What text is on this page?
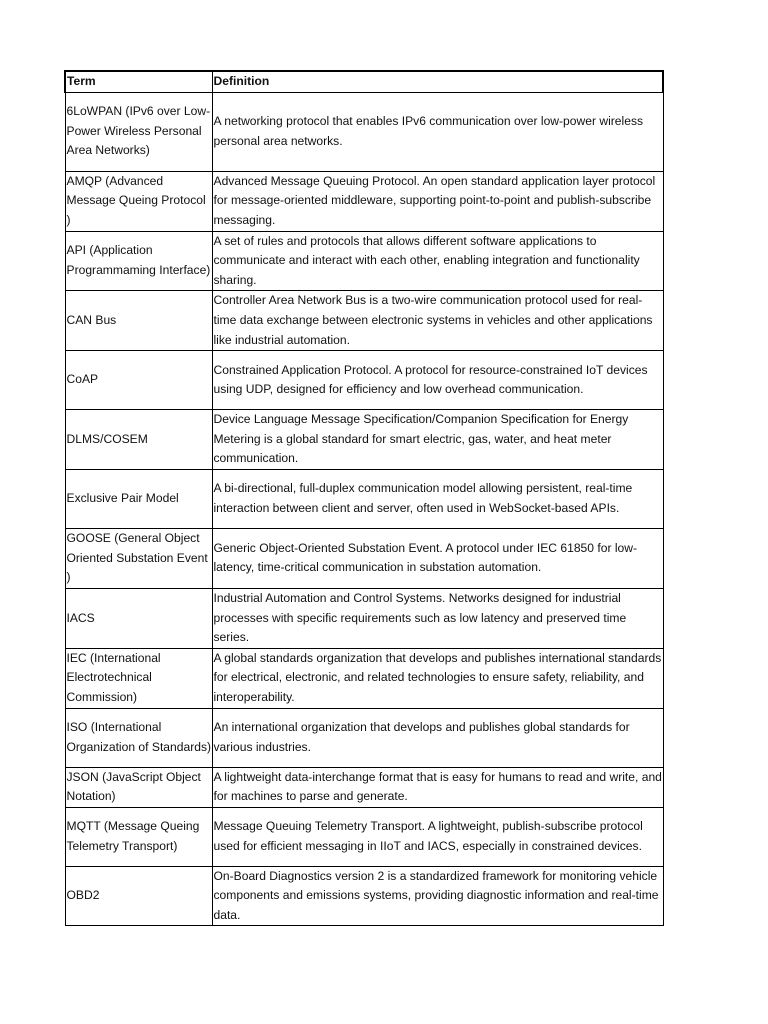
Term	Definition
6LoWPAN (IPv6 over Low-Power Wireless Personal Area Networks)	A networking protocol that enables IPv6 communication over low-power wireless personal area networks.
AMQP (Advanced Message Queing Protocol )	Advanced Message Queuing Protocol. An open standard application layer protocol for message-oriented middleware, supporting point-to-point and publish-subscribe messaging.
API (Application Programmaming Interface)	A set of rules and protocols that allows different software applications to communicate and interact with each other, enabling integration and functionality sharing.
CAN Bus	Controller Area Network Bus is a two-wire communication protocol used for real-time data exchange between electronic systems in vehicles and other applications like industrial automation.
CoAP	Constrained Application Protocol. A protocol for resource-constrained IoT devices using UDP, designed for efficiency and low overhead communication.
DLMS/COSEM	Device Language Message Specification/Companion Specification for Energy Metering is a global standard for smart electric, gas, water, and heat meter communication.
Exclusive Pair Model	A bi-directional, full-duplex communication model allowing persistent, real-time interaction between client and server, often used in WebSocket-based APIs.
GOOSE (General Object Oriented Substation Event )	Generic Object-Oriented Substation Event. A protocol under IEC 61850 for low-latency, time-critical communication in substation automation.
IACS	Industrial Automation and Control Systems. Networks designed for industrial processes with specific requirements such as low latency and preserved time series.
IEC (International Electrotechnical Commission)	A global standards organization that develops and publishes international standards for electrical, electronic, and related technologies to ensure safety, reliability, and interoperability.
ISO (International Organization of Standards)	An international organization that develops and publishes global standards for various industries.
JSON (JavaScript Object Notation)	A lightweight data-interchange format that is easy for humans to read and write, and for machines to parse and generate.
MQTT (Message Queing Telemetry Transport)	Message Queuing Telemetry Transport. A lightweight, publish-subscribe protocol used for efficient messaging in IIoT and IACS, especially in constrained devices.
OBD2	On-Board Diagnostics version 2 is a standardized framework for monitoring vehicle components and emissions systems, providing diagnostic information and real-time data.
